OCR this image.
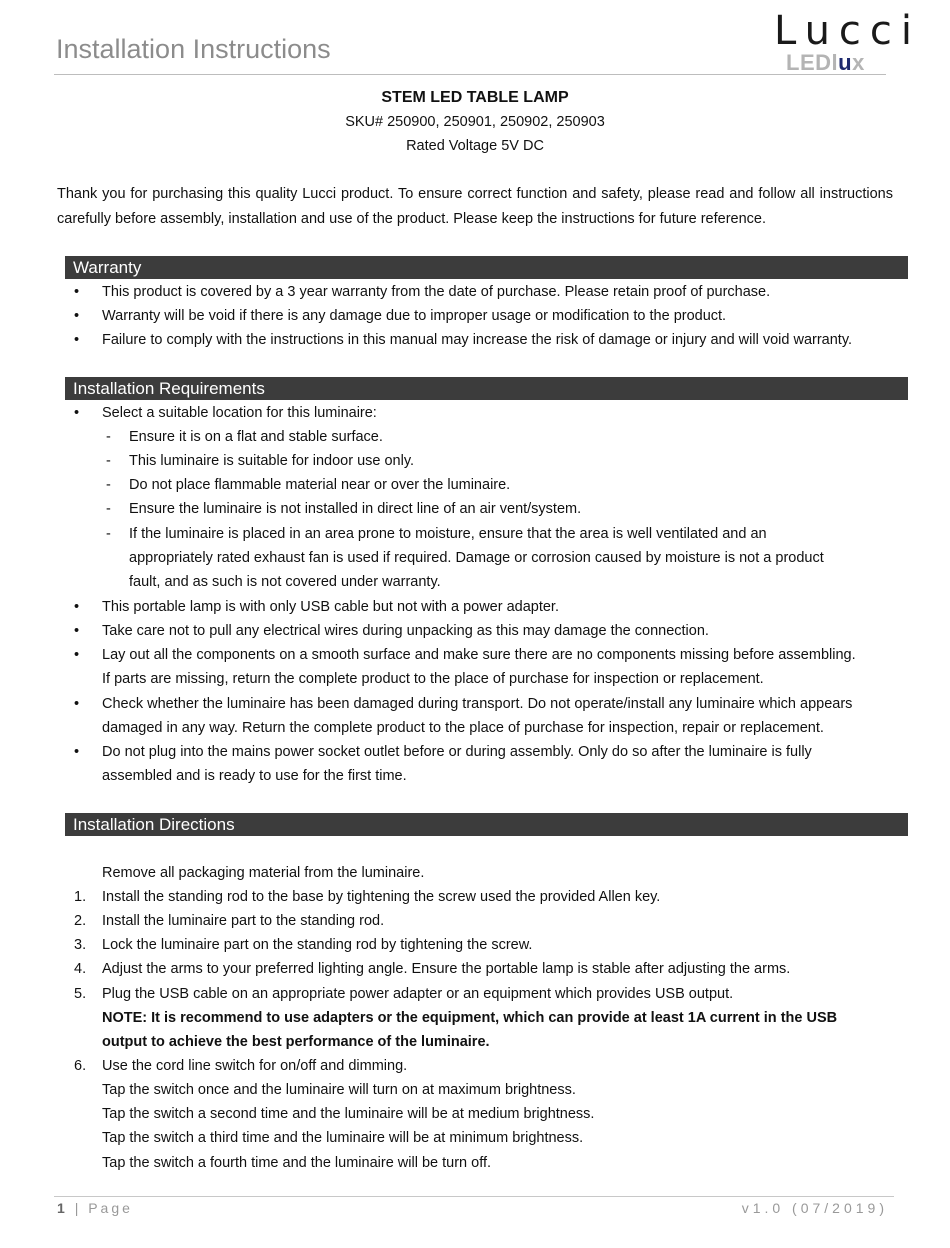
Installation Instructions	Lucci
LEDlux
STEM LED TABLE LAMP
SKU# 250900, 250901, 250902, 250903
Rated Voltage 5V DC
Thank you for purchasing this quality Lucci product. To ensure correct function and safety, please read and follow all instructions carefully before assembly, installation and use of the product. Please keep the instructions for future reference.
Warranty
• This product is covered by a 3 year warranty from the date of purchase. Please retain proof of purchase.
• Warranty will be void if there is any damage due to improper usage or modification to the product.
• Failure to comply with the instructions in this manual may increase the risk of damage or injury and will void warranty.
Installation Requirements
• Select a suitable location for this luminaire:
- Ensure it is on a flat and stable surface.
- This luminaire is suitable for indoor use only.
- Do not place flammable material near or over the luminaire.
- Ensure the luminaire is not installed in direct line of an air vent/system.
- If the luminaire is placed in an area prone to moisture, ensure that the area is well ventilated and an
appropriately rated exhaust fan is used if required. Damage or corrosion caused by moisture is not a product
fault, and as such is not covered under warranty.
• This portable lamp is with only USB cable but not with a power adapter.
• Take care not to pull any electrical wires during unpacking as this may damage the connection.
• Lay out all the components on a smooth surface and make sure there are no components missing before assembling.
If parts are missing, return the complete product to the place of purchase for inspection or replacement.
• Check whether the luminaire has been damaged during transport. Do not operate/install any luminaire which appears
damaged in any way. Return the complete product to the place of purchase for inspection, repair or replacement.
• Do not plug into the mains power socket outlet before or during assembly. Only do so after the luminaire is fully
assembled and is ready to use for the first time.
Installation Directions
Remove all packaging material from the luminaire.
1. Install the standing rod to the base by tightening the screw used the provided Allen key.
2. Install the luminaire part to the standing rod.
3. Lock the luminaire part on the standing rod by tightening the screw.
4. Adjust the arms to your preferred lighting angle. Ensure the portable lamp is stable after adjusting the arms.
5. Plug the USB cable on an appropriate power adapter or an equipment which provides USB output.
NOTE: It is recommend to use adapters or the equipment, which can provide at least 1A current in the USB
output to achieve the best performance of the luminaire.
6. Use the cord line switch for on/off and dimming.
Tap the switch once and the luminaire will turn on at maximum brightness.
Tap the switch a second time and the luminaire will be at medium brightness.
Tap the switch a third time and the luminaire will be at minimum brightness.
Tap the switch a fourth time and the luminaire will be turn off.
1 | Page	v1.0 (07/2019)
